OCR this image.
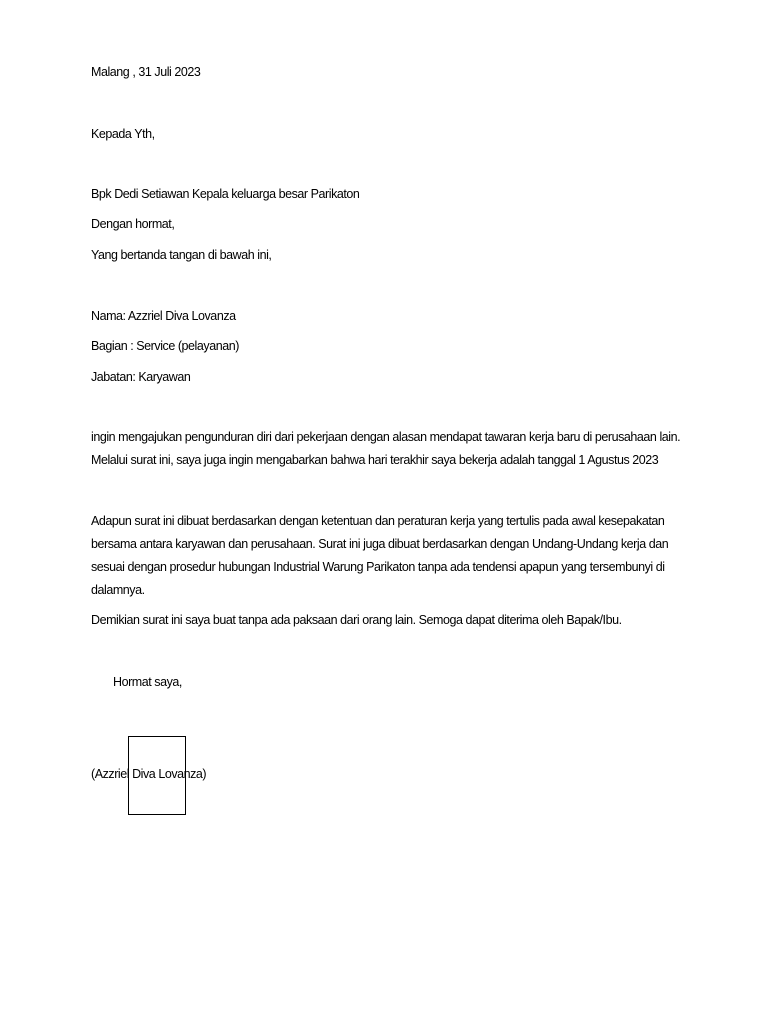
Malang , 31 Juli 2023
Kepada Yth,
Bpk Dedi Setiawan Kepala keluarga besar Parikaton
Dengan hormat,
Yang bertanda tangan di bawah ini,
Nama: Azzriel Diva Lovanza
Bagian : Service (pelayanan)
Jabatan: Karyawan
ingin mengajukan pengunduran diri dari pekerjaan dengan alasan mendapat tawaran kerja baru di perusahaan lain.
Melalui surat ini, saya juga ingin mengabarkan bahwa hari terakhir saya bekerja adalah tanggal 1 Agustus 2023
Adapun surat ini dibuat berdasarkan dengan ketentuan dan peraturan kerja yang tertulis pada awal kesepakatan
bersama antara karyawan dan perusahaan. Surat ini juga dibuat berdasarkan dengan Undang-Undang kerja dan
sesuai dengan prosedur hubungan Industrial Warung Parikaton tanpa ada tendensi apapun yang tersembunyi di
dalamnya.
Demikian surat ini saya buat tanpa ada paksaan dari orang lain. Semoga dapat diterima oleh Bapak/Ibu.
Hormat saya,
(Azzriel Diva Lovanza)
